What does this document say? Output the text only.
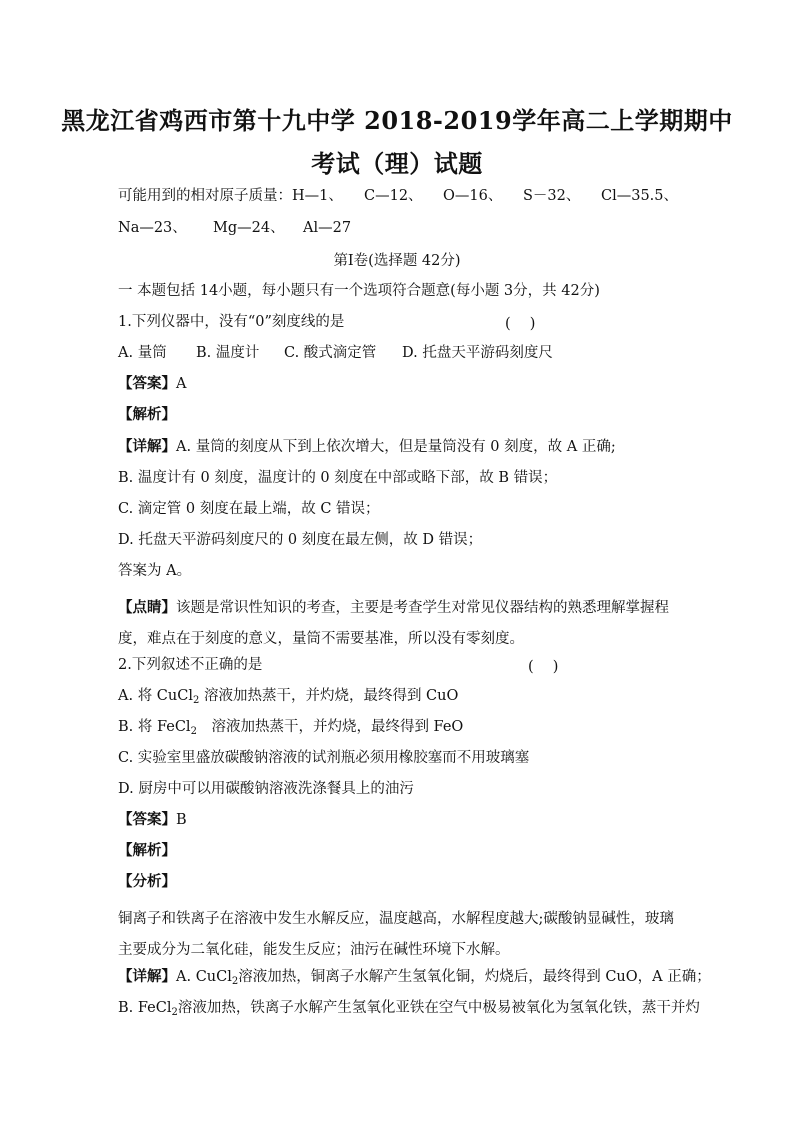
黑龙江省鸡西市第十九中学 2018-2019学年高二上学期期中
考试（理）试题
可能用到的相对原子质量：H—1、 C—12、 O—16、 S－32、 Cl—35.5、
Na—23、 Mg—24、 Al—27
第Ⅰ卷(选择题 42分)
一 本题包括 14小题，每小题只有一个选项符合题意(每小题 3分，共 42分)
1.下列仪器中，没有“0”刻度线的是	(　 )
A. 量筒 B. 温度计 C. 酸式滴定管 D. 托盘天平游码刻度尺
【答案】A
【解析】
【详解】A. 量筒的刻度从下到上依次增大，但是量筒没有 0 刻度，故 A 正确;
B. 温度计有 0 刻度，温度计的 0 刻度在中部或略下部，故 B 错误；
C. 滴定管 0 刻度在最上端，故 C 错误；
D. 托盘天平游码刻度尺的 0 刻度在最左侧，故 D 错误；
答案为 A。
【点睛】该题是常识性知识的考查，主要是考查学生对常见仪器结构的熟悉理解掌握程度，难点在于刻度的意义，量筒不需要基准，所以没有零刻度。
2.下列叙述不正确的是	(　 )
A. 将 CuCl$_2$ 溶液加热蒸干，并灼烧，最终得到 CuO
B. 将 FeCl$_2$　溶液加热蒸干，并灼烧，最终得到 FeO
C. 实验室里盛放碳酸钠溶液的试剂瓶必须用橡胶塞而不用玻璃塞
D. 厨房中可以用碳酸钠溶液洗涤餐具上的油污
【答案】B
【解析】
【分析】
铜离子和铁离子在溶液中发生水解反应，温度越高，水解程度越大;碳酸钠显碱性，玻璃主要成分为二氧化硅，能发生反应；油污在碱性环境下水解。
【详解】A. CuCl$_2$溶液加热，铜离子水解产生氢氧化铜，灼烧后，最终得到 CuO，A 正确；
B. FeCl$_2$溶液加热，铁离子水解产生氢氧化亚铁在空气中极易被氧化为氢氧化铁，蒸干并灼
